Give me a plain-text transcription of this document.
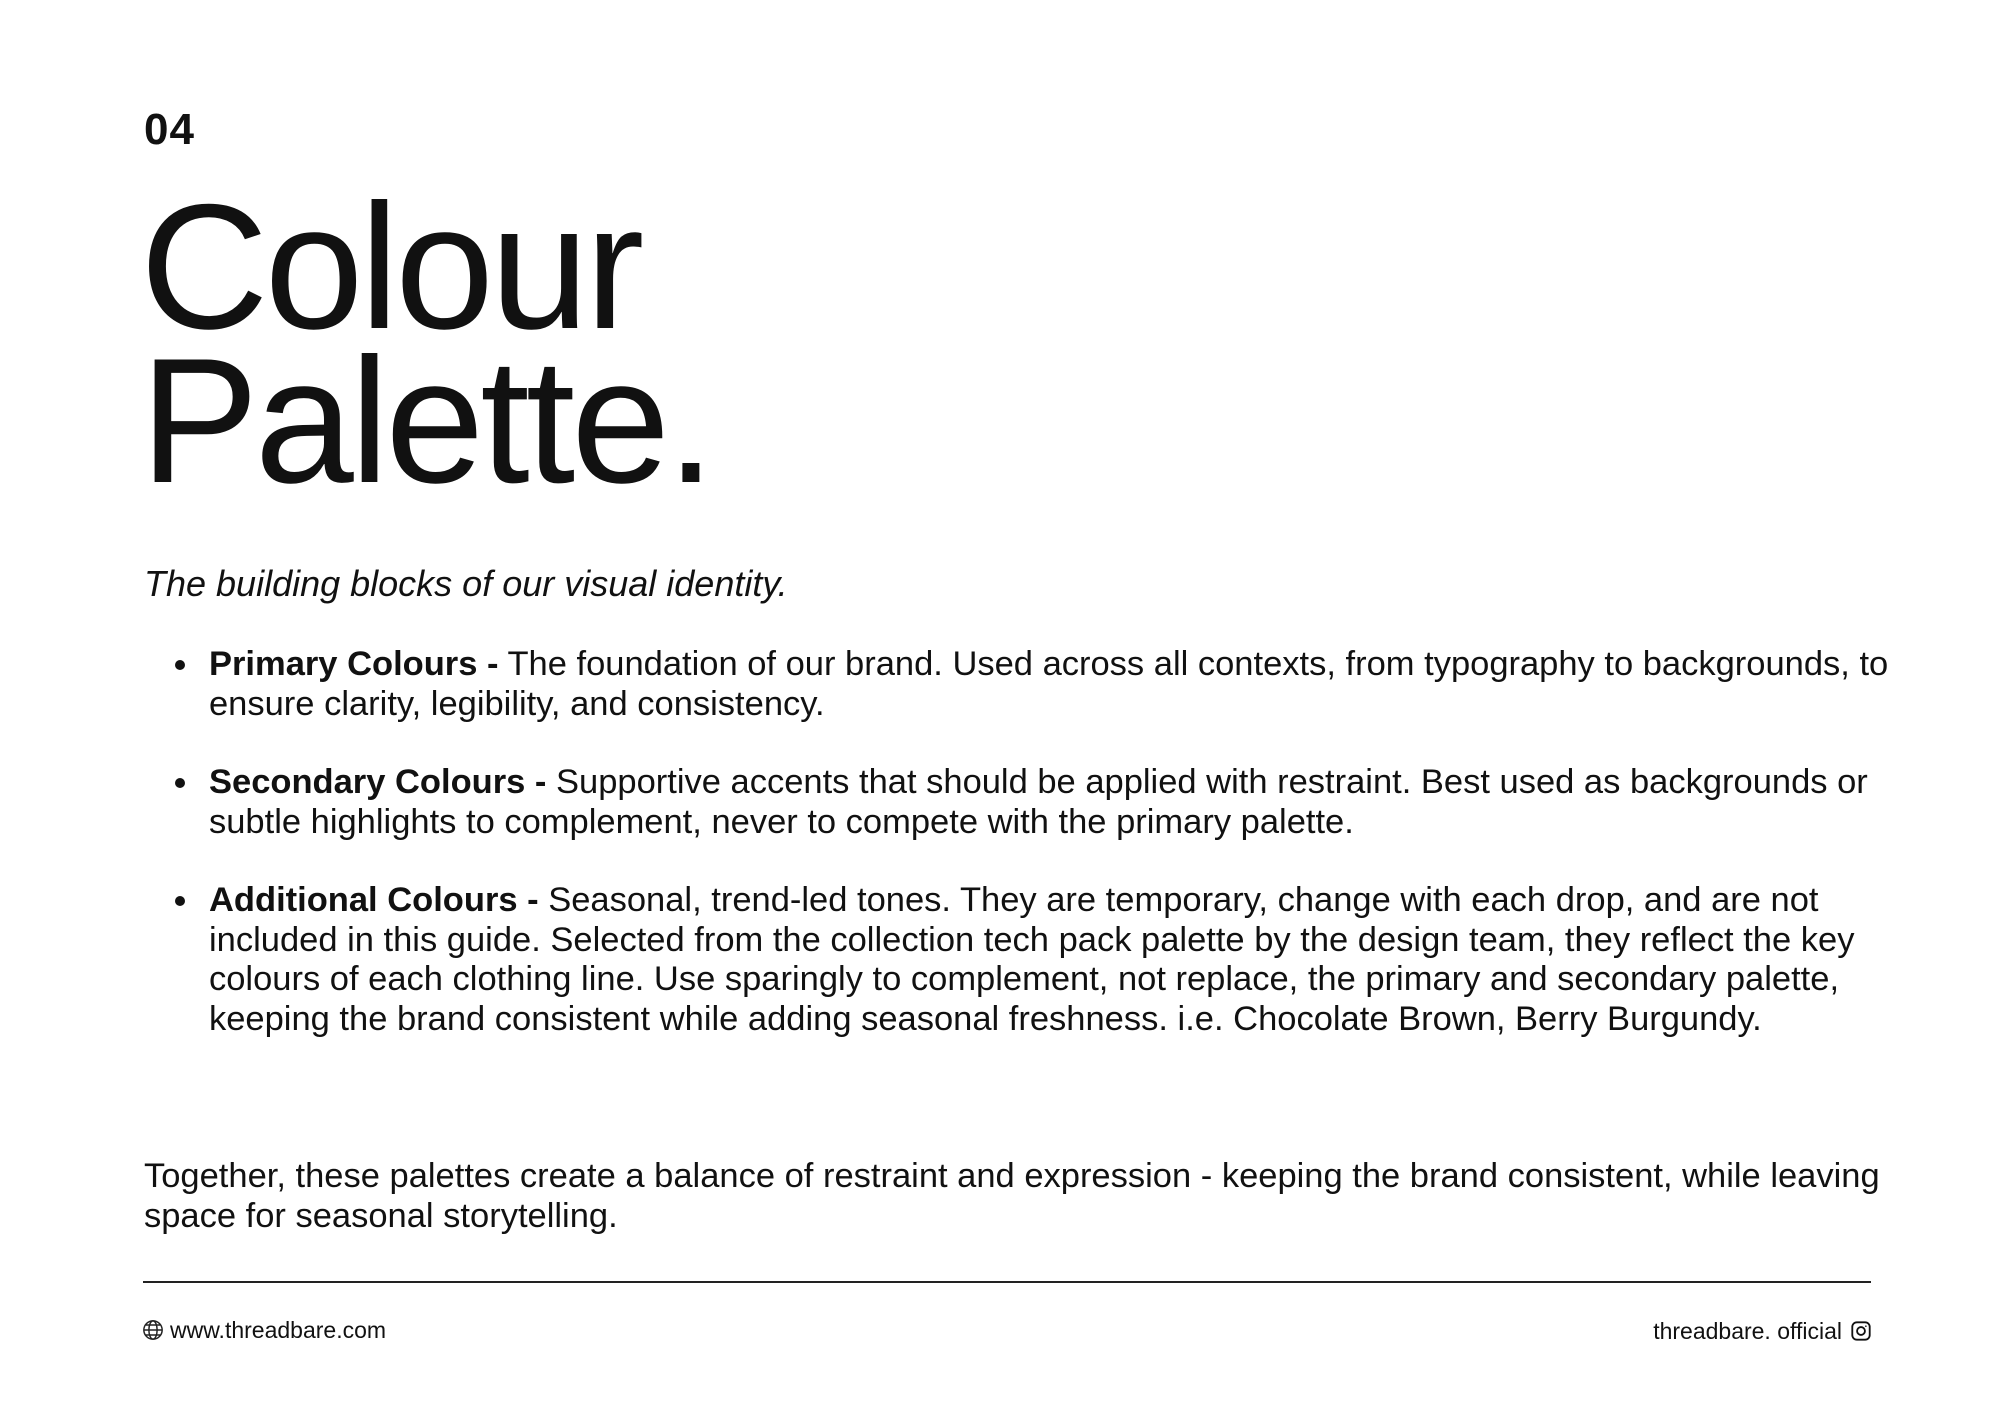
04
Colour
Palette.

The building blocks of our visual identity.

Primary Colours - The foundation of our brand. Used across all contexts, from typography to backgrounds, to ensure clarity, legibility, and consistency.
Secondary Colours - Supportive accents that should be applied with restraint. Best used as backgrounds or subtle highlights to complement, never to compete with the primary palette.
Additional Colours - Seasonal, trend-led tones. They are temporary, change with each drop, and are not included in this guide. Selected from the collection tech pack palette by the design team, they reflect the key colours of each clothing line. Use sparingly to complement, not replace, the primary and secondary palette, keeping the brand consistent while adding seasonal freshness. i.e. Chocolate Brown, Berry Burgundy.

Together, these palettes create a balance of restraint and expression - keeping the brand consistent, while leaving space for seasonal storytelling.

www.threadbare.com	threadbare. official
